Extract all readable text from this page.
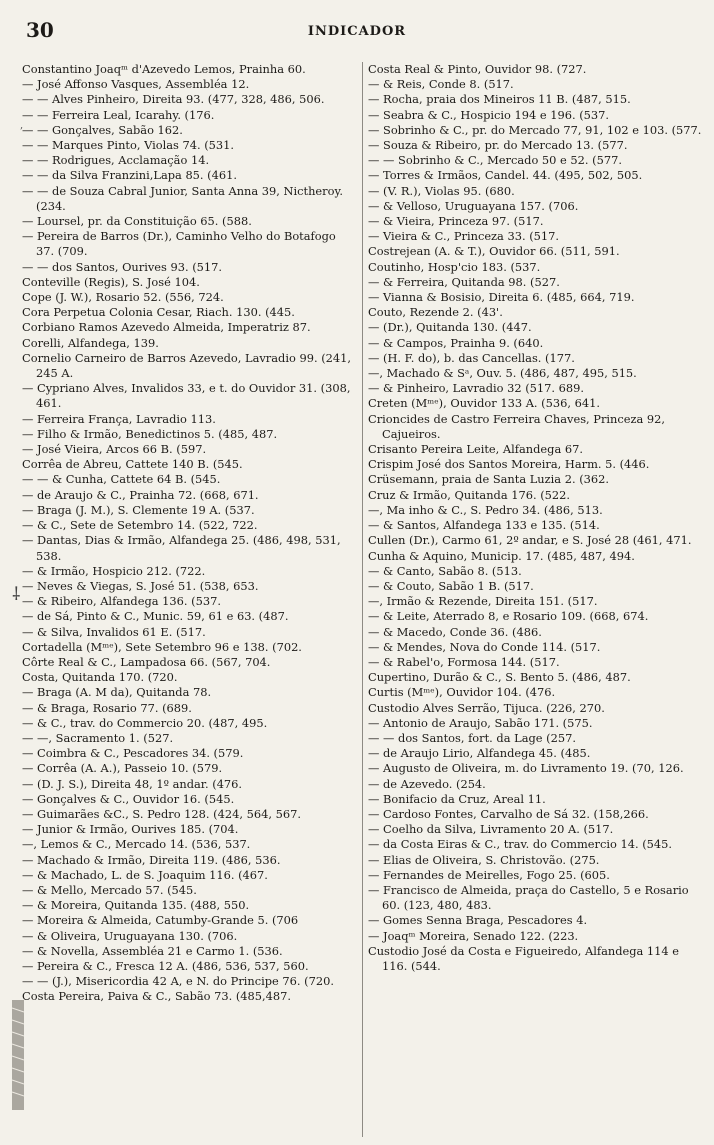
30	INDICADOR
,
⸸
Constantino Joaqᵐ d'Azevedo Lemos, Prainha 60.
— José Affonso Vasques, Assembléa 12.
— — Alves Pinheiro, Direita 93. (477, 328, 486, 506.
— — Ferreira Leal, Icarahy. (176.
— — Gonçalves, Sabão 162.
— — Marques Pinto, Violas 74. (531.
— — Rodrigues, Acclamação 14.
— — da Silva Franzini,Lapa 85. (461.
— — de Souza Cabral Junior, Santa Anna 39, Nictheroy. (234.
— Loursel, pr. da Constituição 65. (588.
— Pereira de Barros (Dr.), Caminho Velho do Botafogo 37. (709.
— — dos Santos, Ourives 93. (517.
Conteville (Regis), S. José 104.
Cope (J. W.), Rosario 52. (556, 724.
Cora Perpetua Colonia Cesar, Riach. 130. (445.
Corbiano Ramos Azevedo Almeida, Imperatriz 87.
Corelli, Alfandega, 139.
Cornelio Carneiro de Barros Azevedo, Lavradio 99. (241, 245 A.
— Cypriano Alves, Invalidos 33, e t. do Ouvidor 31. (308, 461.
— Ferreira França, Lavradio 113.
— Filho & Irmão, Benedictinos 5. (485, 487.
— José Vieira, Arcos 66 B. (597.
Corrêa de Abreu, Cattete 140 B. (545.
— — & Cunha, Cattete 64 B. (545.
— de Araujo & C., Prainha 72. (668, 671.
— Braga (J. M.), S. Clemente 19 A. (537.
— & C., Sete de Setembro 14. (522, 722.
— Dantas, Dias & Irmão, Alfandega 25. (486, 498, 531, 538.
— & Irmão, Hospicio 212. (722.
— Neves & Viegas, S. José 51. (538, 653.
— & Ribeiro, Alfandega 136. (537.
— de Sá, Pinto & C., Munic. 59, 61 e 63. (487.
— & Silva, Invalidos 61 E. (517.
Cortadella (Mᵐᵉ), Sete Setembro 96 e 138. (702.
Côrte Real & C., Lampadosa 66. (567, 704.
Costa, Quitanda 170. (720.
— Braga (A. M da), Quitanda 78.
— & Braga, Rosario 77. (689.
— & C., trav. do Commercio 20. (487, 495.
— —, Sacramento 1. (527.
— Coimbra & C., Pescadores 34. (579.
— Corrêa (A. A.), Passeio 10. (579.
— (D. J. S.), Direita 48, 1º andar. (476.
— Gonçalves & C., Ouvidor 16. (545.
— Guimarães &C., S. Pedro 128. (424, 564, 567.
— Junior & Irmão, Ourives 185. (704.
—, Lemos & C., Mercado 14. (536, 537.
— Machado & Irmão, Direita 119. (486, 536.
— & Machado, L. de S. Joaquim 116. (467.
— & Mello, Mercado 57. (545.
— & Moreira, Quitanda 135. (488, 550.
— Moreira & Almeida, Catumby-Grande 5. (706
— & Oliveira, Uruguayana 130. (706.
— & Novella, Assembléa 21 e Carmo 1. (536.
— Pereira & C., Fresca 12 A. (486, 536, 537, 560.
— — (J.), Misericordia 42 A, e N. do Principe 76. (720.
Costa Pereira, Paiva & C., Sabão 73. (485,487.
Costa Real & Pinto, Ouvidor 98. (727.
— & Reis, Conde 8. (517.
— Rocha, praia dos Mineiros 11 B. (487, 515.
— Seabra & C., Hospicio 194 e 196. (537.
— Sobrinho & C., pr. do Mercado 77, 91, 102 e 103. (577.
— Souza & Ribeiro, pr. do Mercado 13. (577.
— — Sobrinho & C., Mercado 50 e 52. (577.
— Torres & Irmãos, Candel. 44. (495, 502, 505.
— (V. R.), Violas 95. (680.
— & Velloso, Uruguayana 157. (706.
— & Vieira, Princeza 97. (517.
— Vieira & C., Princeza 33. (517.
Costrejean (A. & T.), Ouvidor 66. (511, 591.
Coutinho, Hosp'cio 183. (537.
— & Ferreira, Quitanda 98. (527.
— Vianna & Bosisio, Direita 6. (485, 664, 719.
Couto, Rezende 2. (43'.
— (Dr.), Quitanda 130. (447.
— & Campos, Prainha 9. (640.
— (H. F. do), b. das Cancellas. (177.
—, Machado & Sᵃ, Ouv. 5. (486, 487, 495, 515.
— & Pinheiro, Lavradio 32 (517. 689.
Creten (Mᵐᵉ), Ouvidor 133 A. (536, 641.
Crioncides de Castro Ferreira Chaves, Princeza 92, Cajueiros.
Crisanto Pereira Leite, Alfandega 67.
Crispim José dos Santos Moreira, Harm. 5. (446.
Crüsemann, praia de Santa Luzia 2. (362.
Cruz & Irmão, Quitanda 176. (522.
—, Ma inho & C., S. Pedro 34. (486, 513.
— & Santos, Alfandega 133 e 135. (514.
Cullen (Dr.), Carmo 61, 2º andar, e S. José 28 (461, 471.
Cunha & Aquino, Municip. 17. (485, 487, 494.
— & Canto, Sabão 8. (513.
— & Couto, Sabão 1 B. (517.
—, Irmão & Rezende, Direita 151. (517.
— & Leite, Aterrado 8, e Rosario 109. (668, 674.
— & Macedo, Conde 36. (486.
— & Mendes, Nova do Conde 114. (517.
— & Rabel'o, Formosa 144. (517.
Cupertino, Durão & C., S. Bento 5. (486, 487.
Curtis (Mᵐᵉ), Ouvidor 104. (476.
Custodio Alves Serrão, Tijuca. (226, 270.
— Antonio de Araujo, Sabão 171. (575.
— — dos Santos, fort. da Lage (257.
— de Araujo Lirio, Alfandega 45. (485.
— Augusto de Oliveira, m. do Livramento 19. (70, 126.
— de Azevedo. (254.
— Bonifacio da Cruz, Areal 11.
— Cardoso Fontes, Carvalho de Sá 32. (158,266.
— Coelho da Silva, Livramento 20 A. (517.
— da Costa Eiras & C., trav. do Commercio 14. (545.
— Elias de Oliveira, S. Christovão. (275.
— Fernandes de Meirelles, Fogo 25. (605.
— Francisco de Almeida, praça do Castello, 5 e Rosario 60. (123, 480, 483.
— Gomes Senna Braga, Pescadores 4.
— Joaqᵐ Moreira, Senado 122. (223.
Custodio José da Costa e Figueiredo, Alfandega 114 e 116. (544.
